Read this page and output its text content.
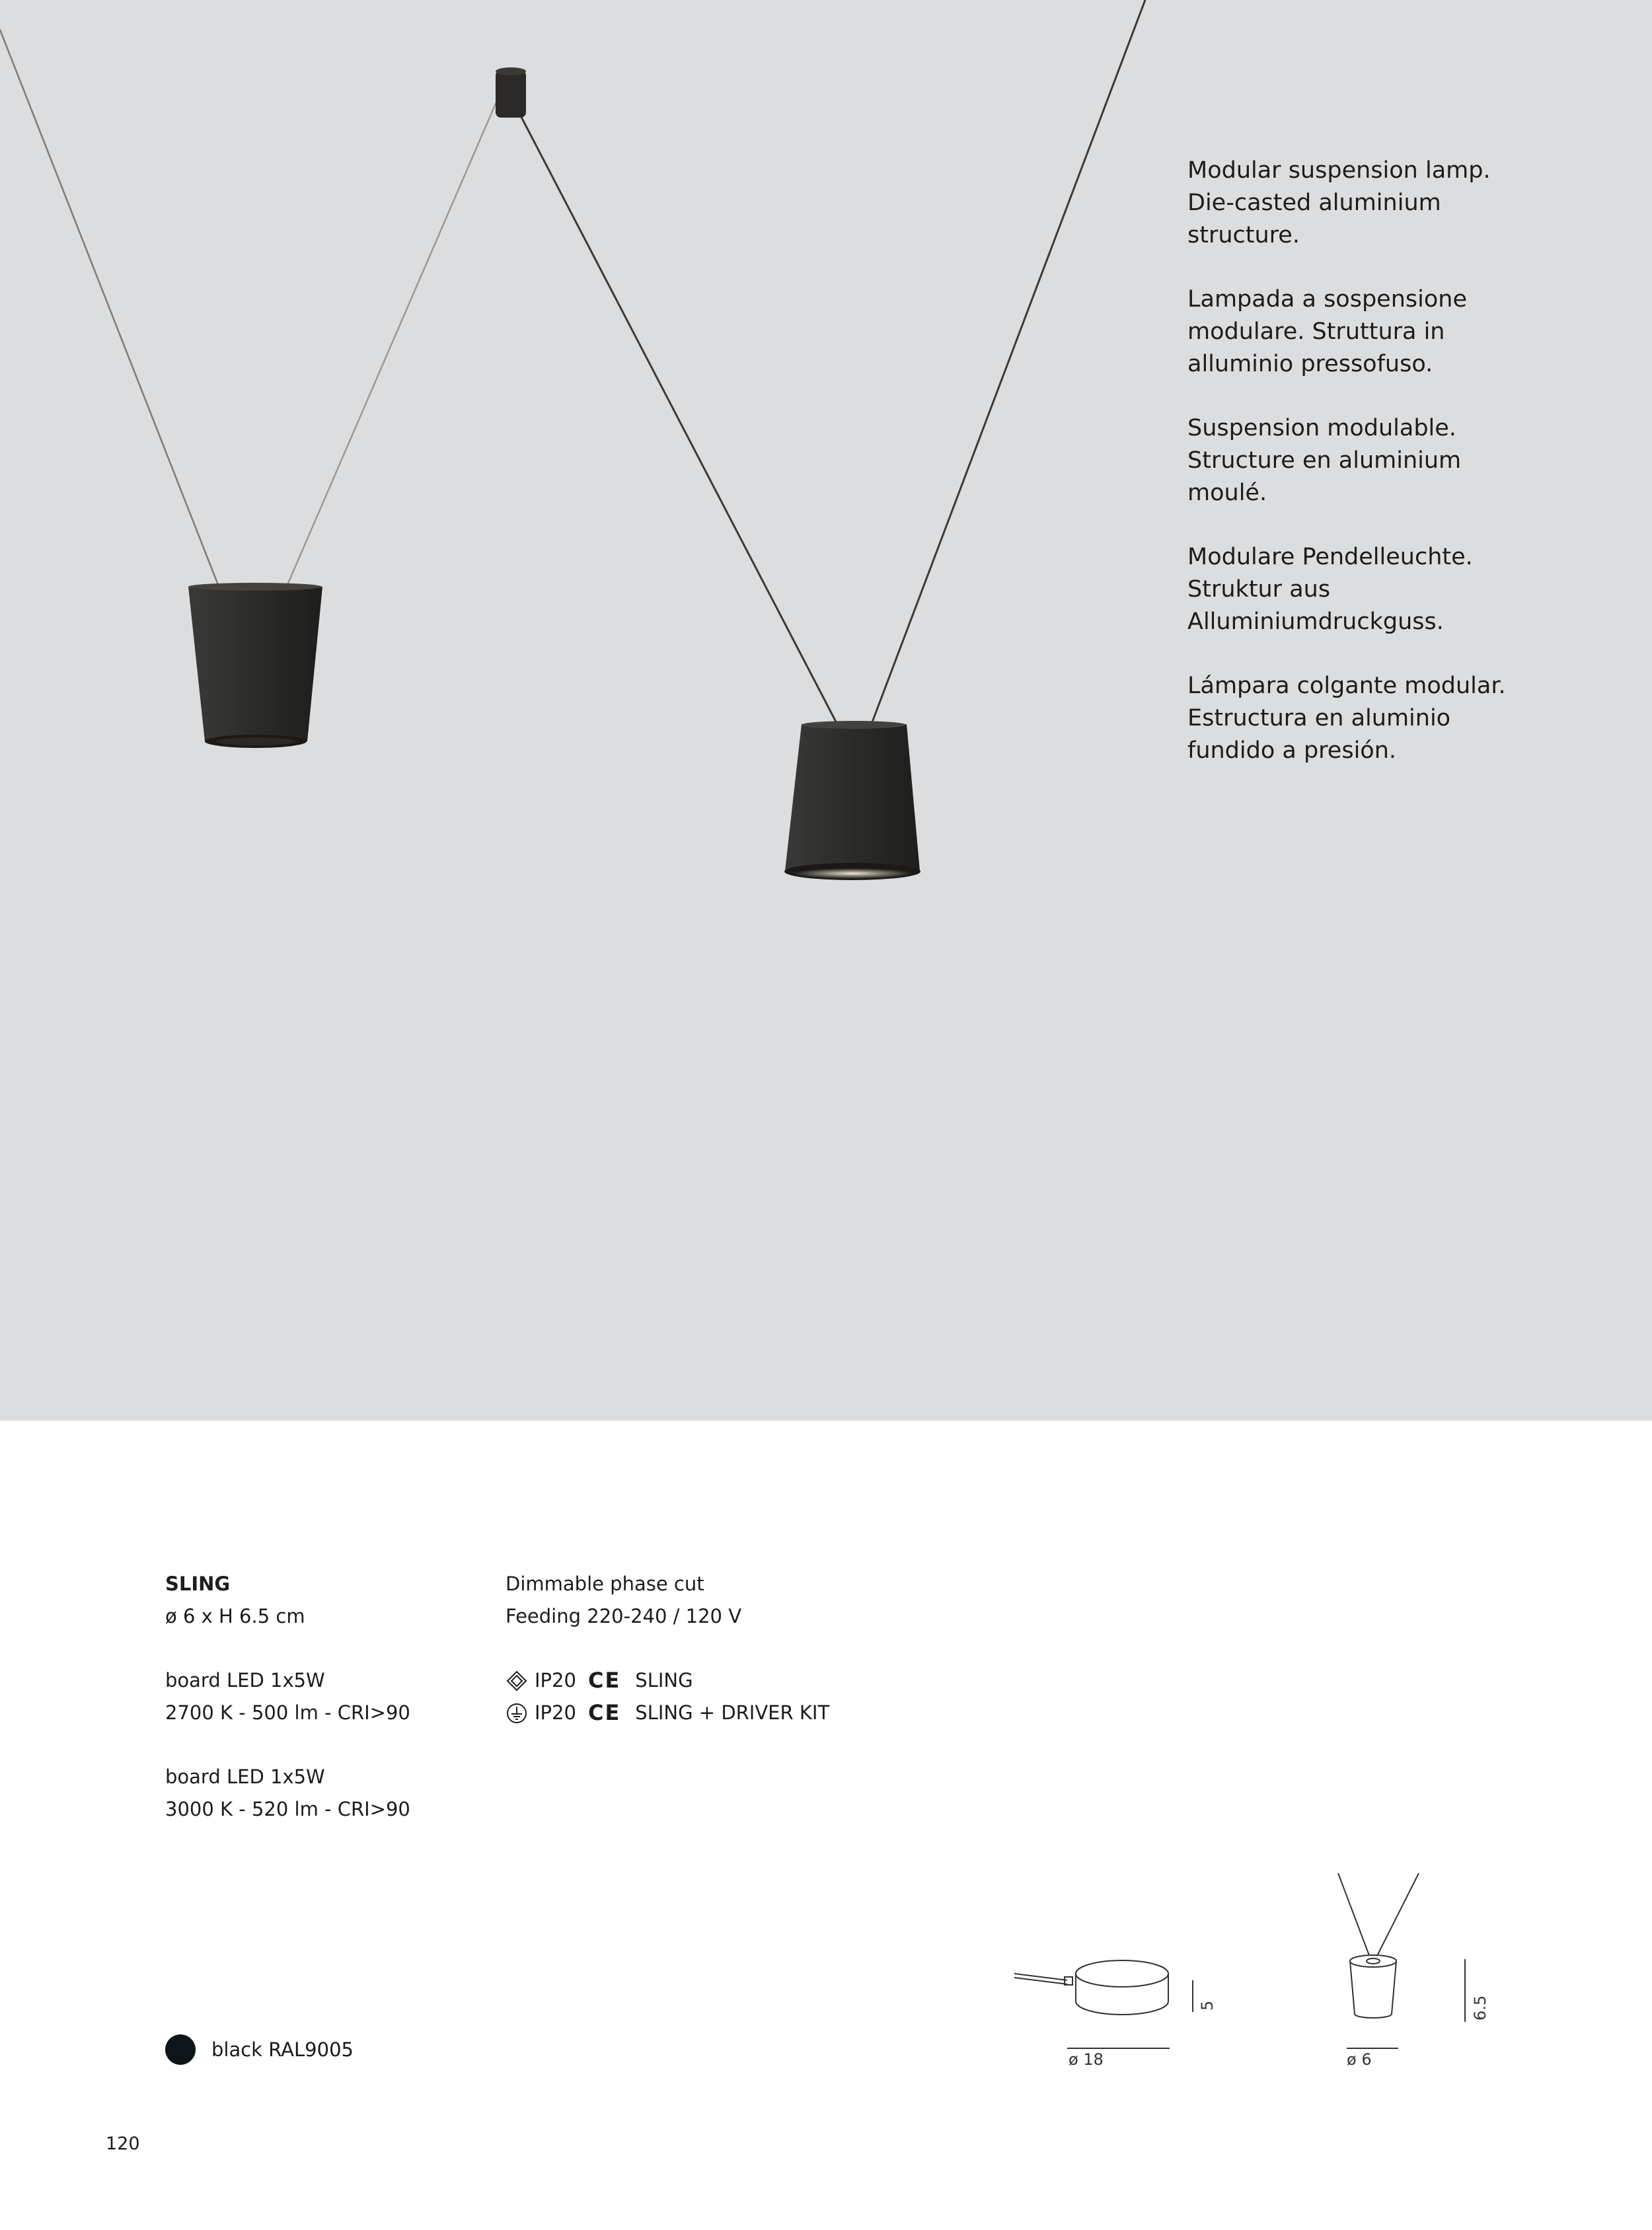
Modular suspension lamp.
Die-casted aluminium
structure.

Lampada a sospensione
modulare. Struttura in
alluminio pressofuso.

Suspension modulable.
Structure en aluminium
moulé.

Modulare Pendelleuchte.
Struktur aus
Alluminiumdruckguss.

Lámpara colgante modular.
Estructura en aluminio
fundido a presión.

SLING
ø 6 x H 6.5 cm
board LED 1x5W
2700 K - 500 lm - CRI>90
board LED 1x5W
3000 K - 520 lm - CRI>90
Dimmable phase cut
Feeding 220-240 / 120 V
IP20 CE SLING
IP20 CE SLING + DRIVER KIT
ø 18
5
ø 6
6.5
black RAL9005
120
